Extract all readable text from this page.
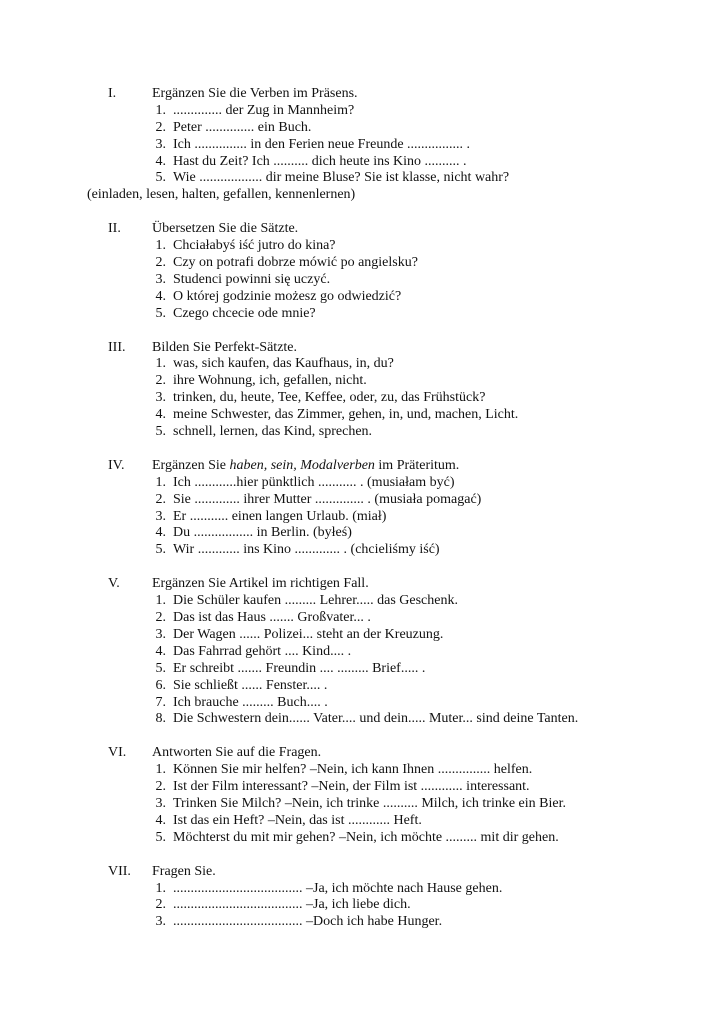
I.	Ergänzen Sie die Verben im Präsens.
1. .............. der Zug in Mannheim?
2. Peter .............. ein Buch.
3. Ich ............... in den Ferien neue Freunde ................ .
4. Hast du Zeit? Ich .......... dich heute ins Kino .......... .
5. Wie .................. dir meine Bluse? Sie ist klasse, nicht wahr?
(einladen, lesen, halten, gefallen, kennenlernen)
II. Übersetzen Sie die Sätzte.
1. Chciałabyś iść jutro do kina?
2. Czy on potrafi dobrze mówić po angielsku?
3. Studenci powinni się uczyć.
4. O której godzinie możesz go odwiedzić?
5. Czego chcecie ode mnie?
III. Bilden Sie Perfekt-Sätzte.
1. was, sich kaufen, das Kaufhaus, in, du?
2. ihre Wohnung, ich, gefallen, nicht.
3. trinken, du, heute, Tee, Keffee, oder, zu, das Frühstück?
4. meine Schwester, das Zimmer, gehen, in, und, machen, Licht.
5. schnell, lernen, das Kind, sprechen.
IV. Ergänzen Sie haben, sein, Modalverben im Präteritum.
1. Ich ............hier pünktlich ........... . (musiałam być)
2. Sie ............. ihrer Mutter .............. . (musiała pomagać)
3. Er ........... einen langen Urlaub. (miał)
4. Du ................. in Berlin. (byłeś)
5. Wir ............ ins Kino ............. . (chcieliśmy iść)
V. Ergänzen Sie Artikel im richtigen Fall.
1. Die Schüler kaufen ......... Lehrer..... das Geschenk.
2. Das ist das Haus ....... Großvater... .
3. Der Wagen ...... Polizei... steht an der Kreuzung.
4. Das Fahrrad gehört .... Kind.... .
5. Er schreibt ....... Freundin .... ......... Brief..... .
6. Sie schließt ...... Fenster.... .
7. Ich brauche ......... Buch.... .
8. Die Schwestern dein...... Vater.... und dein..... Muter... sind deine Tanten.
VI. Antworten Sie auf die Fragen.
1. Können Sie mir helfen? –Nein, ich kann Ihnen ............... helfen.
2. Ist der Film interessant? –Nein, der Film ist ............ interessant.
3. Trinken Sie Milch? –Nein, ich trinke .......... Milch, ich trinke ein Bier.
4. Ist das ein Heft? –Nein, das ist ............ Heft.
5. Möchterst du mit mir gehen? –Nein, ich möchte ......... mit dir gehen.
VII. Fragen Sie.
1. ..................................... –Ja, ich möchte nach Hause gehen.
2. ..................................... –Ja, ich liebe dich.
3. ..................................... –Doch ich habe Hunger.
